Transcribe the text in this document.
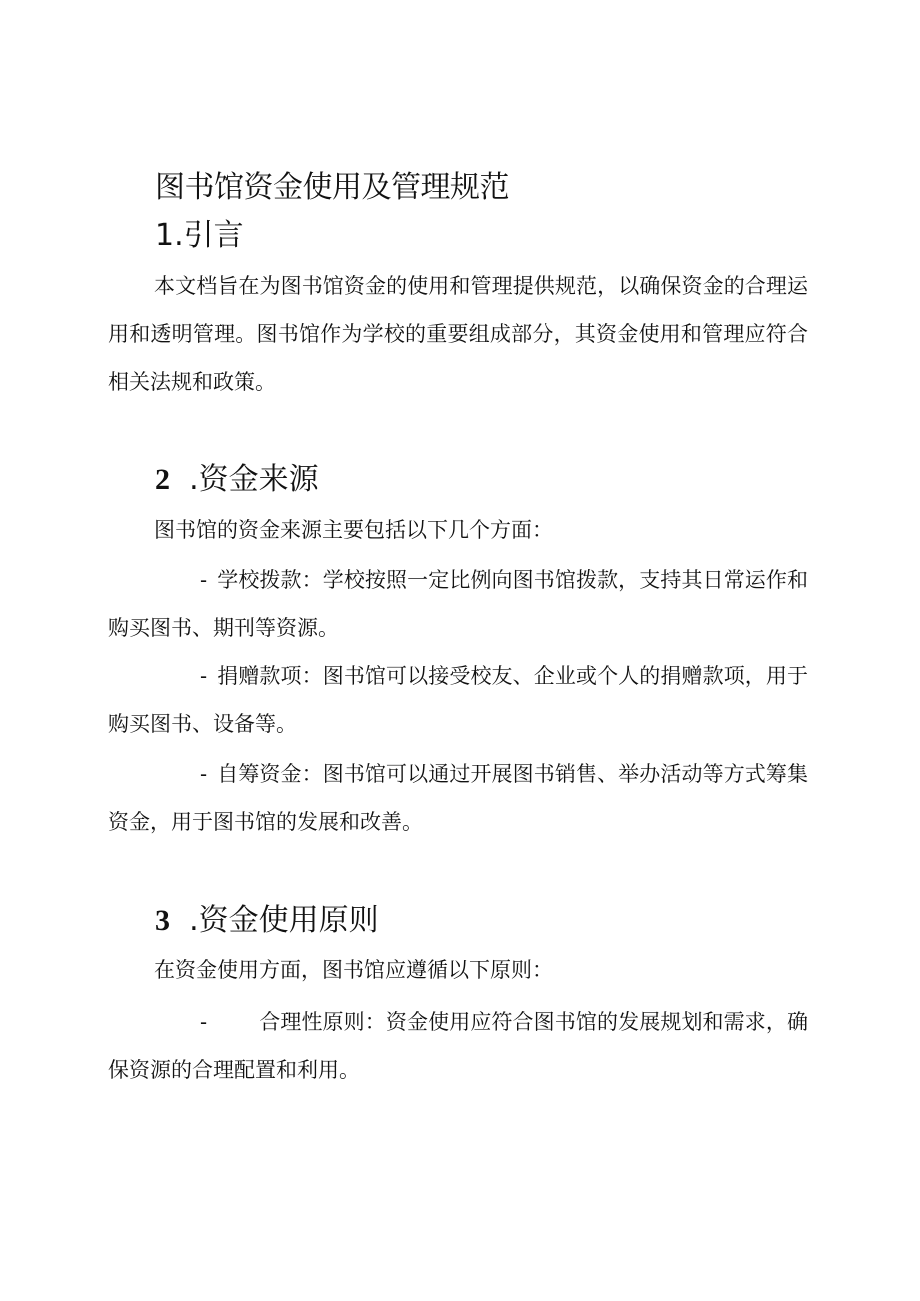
图书馆资金使用及管理规范
1.引言

本文档旨在为图书馆资金的使用和管理提供规范，以确保资金的合理运用和透明管理。图书馆作为学校的重要组成部分，其资金使用和管理应符合相关法规和政策。

2 .资金来源

图书馆的资金来源主要包括以下几个方面：

- 学校拨款：学校按照一定比例向图书馆拨款，支持其日常运作和购买图书、期刊等资源。

- 捐赠款项：图书馆可以接受校友、企业或个人的捐赠款项，用于购买图书、设备等。

- 自筹资金：图书馆可以通过开展图书销售、举办活动等方式筹集资金，用于图书馆的发展和改善。

3 .资金使用原则

在资金使用方面，图书馆应遵循以下原则：

- 合理性原则：资金使用应符合图书馆的发展规划和需求，确保资源的合理配置和利用。
